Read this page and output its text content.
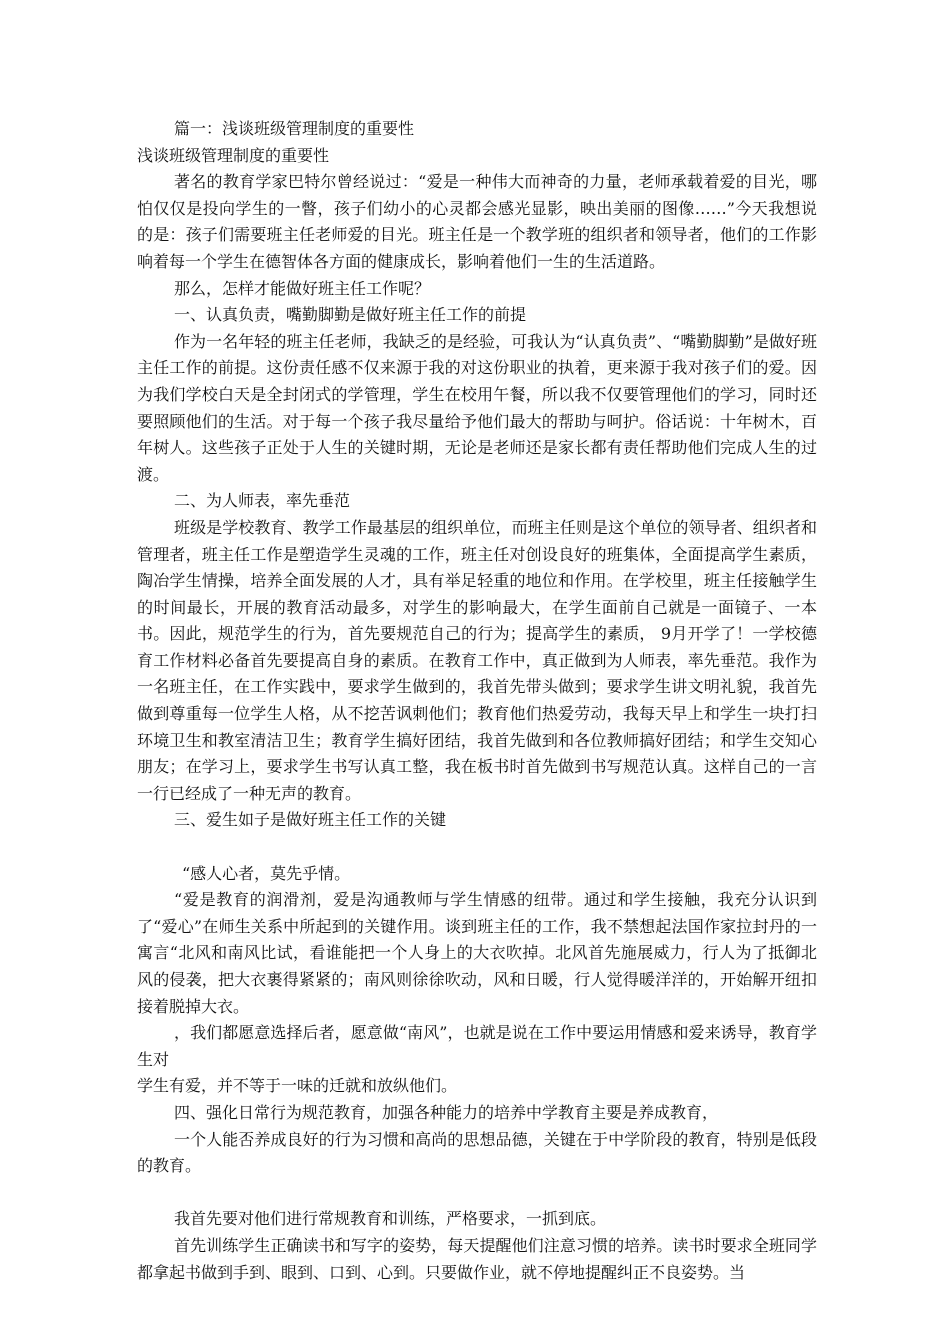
篇一：浅谈班级管理制度的重要性

浅谈班级管理制度的重要性

著名的教育学家巴特尔曾经说过：“爱是一种伟大而神奇的力量，老师承载着爱的目光，哪怕仅仅是投向学生的一瞥，孩子们幼小的心灵都会感光显影，映出美丽的图像……”今天我想说的是：孩子们需要班主任老师爱的目光。班主任是一个教学班的组织者和领导者，他们的工作影响着每一个学生在德智体各方面的健康成长，影响着他们一生的生活道路。

那么，怎样才能做好班主任工作呢？

一、认真负责，嘴勤脚勤是做好班主任工作的前提

作为一名年轻的班主任老师，我缺乏的是经验，可我认为“认真负责”、“嘴勤脚勤”是做好班主任工作的前提。这份责任感不仅来源于我的对这份职业的执着，更来源于我对孩子们的爱。因为我们学校白天是全封闭式的学管理，学生在校用午餐，所以我不仅要管理他们的学习，同时还要照顾他们的生活。对于每一个孩子我尽量给予他们最大的帮助与呵护。俗话说：十年树木，百年树人。这些孩子正处于人生的关键时期，无论是老师还是家长都有责任帮助他们完成人生的过渡。

二、为人师表，率先垂范

班级是学校教育、教学工作最基层的组织单位，而班主任则是这个单位的领导者、组织者和管理者，班主任工作是塑造学生灵魂的工作，班主任对创设良好的班集体，全面提高学生素质，陶冶学生情操，培养全面发展的人才，具有举足轻重的地位和作用。在学校里，班主任接触学生的时间最长，开展的教育活动最多，对学生的影响最大，在学生面前自己就是一面镜子、一本书。因此，规范学生的行为，首先要规范自己的行为；提高学生的素质， 9月开学了！一学校德育工作材料必备首先要提高自身的素质。在教育工作中，真正做到为人师表，率先垂范。我作为一名班主任，在工作实践中，要求学生做到的，我首先带头做到；要求学生讲文明礼貌，我首先做到尊重每一位学生人格，从不挖苦讽刺他们；教育他们热爱劳动，我每天早上和学生一块打扫环境卫生和教室清洁卫生；教育学生搞好团结，我首先做到和各位教师搞好团结；和学生交知心朋友；在学习上，要求学生书写认真工整，我在板书时首先做到书写规范认真。这样自己的一言一行已经成了一种无声的教育。

三、爱生如子是做好班主任工作的关键

“感人心者，莫先乎情。

“爱是教育的润滑剂，爱是沟通教师与学生情感的纽带。通过和学生接触，我充分认识到了“爱心”在师生关系中所起到的关键作用。谈到班主任的工作，我不禁想起法国作家拉封丹的一寓言“北风和南风比试，看谁能把一个人身上的大衣吹掉。北风首先施展威力，行人为了抵御北风的侵袭，把大衣裹得紧紧的；南风则徐徐吹动，风和日暖，行人觉得暖洋洋的，开始解开纽扣接着脱掉大衣。

，我们都愿意选择后者，愿意做“南风”，也就是说在工作中要运用情感和爱来诱导，教育学生对

学生有爱，并不等于一味的迁就和放纵他们。

四、强化日常行为规范教育，加强各种能力的培养中学教育主要是养成教育，

一个人能否养成良好的行为习惯和高尚的思想品德，关键在于中学阶段的教育，特别是低段的教育。

我首先要对他们进行常规教育和训练，严格要求，一抓到底。

首先训练学生正确读书和写字的姿势，每天提醒他们注意习惯的培养。读书时要求全班同学都拿起书做到手到、眼到、口到、心到。只要做作业，就不停地提醒纠正不良姿势。当
